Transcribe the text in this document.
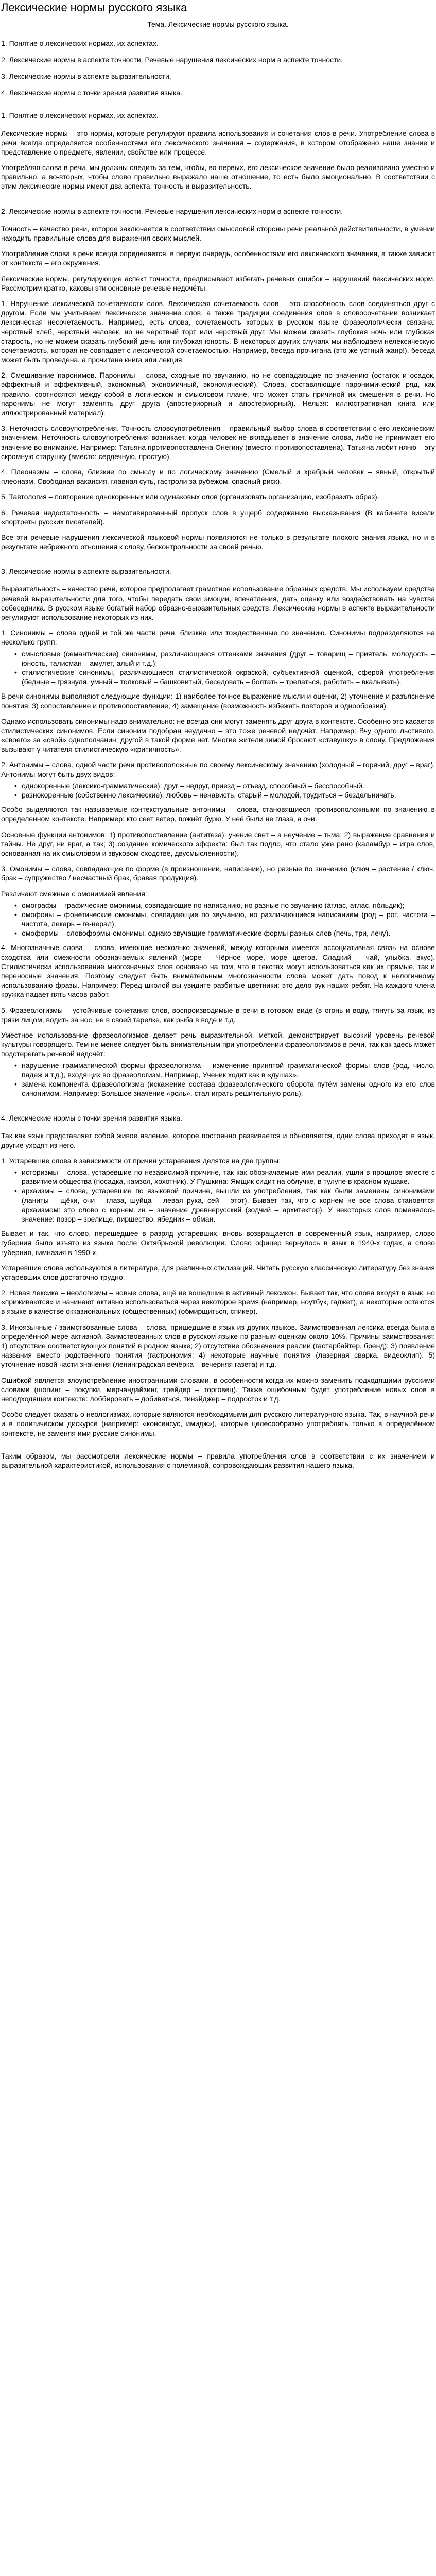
Лексические нормы русского языка
Тема. Лексические нормы русского языка.

1. Понятие о лексических нормах, их аспектах.

2. Лексические нормы в аспекте точности. Речевые нарушения лексических норм в аспекте точности.

3. Лексические нормы в аспекте выразительности.

4. Лексические нормы с точки зрения развития языка.

1. Понятие о лексических нормах, их аспектах.

Лексические нормы – это нормы, которые регулируют правила использования и сочетания слов в речи. Употребление слова в речи всегда определяется особенностями его лексического значения – содержания, в котором отображено наше знание и представление о предмете, явлении, свойстве или процессе.

Употребляя слова в речи, мы должны следить за тем, чтобы, во-первых, его лексическое значение было реализовано уместно и правильно, а во-вторых, чтобы слово правильно выражало наше отношение, то есть было эмоционально. В соответствии с этим лексические нормы имеют два аспекта: точность и выразительность.

2. Лексические нормы в аспекте точности. Речевые нарушения лексических норм в аспекте точности.

Точность – качество речи, которое заключается в соответствии смысловой стороны речи реальной действительности, в умении находить правильные слова для выражения своих мыслей.

Употребление слова в речи всегда определяется, в первую очередь, особенностями его лексического значения, а также зависит от контекста – его окружения.

Лексические нормы, регулирующие аспект точности, предписывают избегать речевых ошибок – нарушений лексических норм. Рассмотрим кратко, каковы эти основные речевые недочёты.

1. Нарушение лексической сочетаемости слов. Лексическая сочетаемость слов – это способность слов соединяться друг с другом. Если мы учитываем лексическое значение слов, а также традиции соединения слов в словосочетании возникает лексическая несочетаемость. Например, есть слова, сочетаемость которых в русском языке фразеологически связана: черствый хлеб, черствый человек, но не черствый торт или черствый друг. Мы можем сказать глубокая ночь или глубокая старость, но не можем сказать глубокий день или глубокая юность. В некоторых других случаях мы наблюдаем нелексическую сочетаемость, которая не совпадает с лексической сочетаемостью. Например, беседа прочитана (это же устный жанр!), беседа может быть проведена, а прочитана книга или лекция.

2. Смешивание паронимов. Паронимы – слова, сходные по звучанию, но не совпадающие по значению (остаток и осадок, эффектный и эффективный, экономный, экономичный, экономический). Слова, составляющие паронимический ряд, как правило, соотносятся между собой в логическом и смысловом плане, что может стать причиной их смешения в речи. Но паронимы не могут заменять друг друга (апостериорный и апостериорный). Нельзя: иллюстративная книга или иллюстрированный материал).

3. Неточность словоупотребления. Точность словоупотребления – правильный выбор слова в соответствии с его лексическим значением. Неточность словоупотребления возникает, когда человек не вкладывает в значение слова, либо не принимает его значение во внимание. Например: Татьяна противопоставлена Онегину (вместо: противопоставлена). Татьяна любит няню – эту скромную старушку (вместо: сердечную, простую).

4. Плеоназмы – слова, близкие по смыслу и по логическому значению (Смелый и храбрый человек – явный, открытый плеоназм. Свободная вакансия, главная суть, гастроли за рубежом, опасный риск).

5. Тавтология – повторение однокоренных или одинаковых слов (организовать организацию, изобразить образ).

6. Речевая недостаточность – немотивированный пропуск слов в ущерб содержанию высказывания (В кабинете висели «портреты русских писателей).

Все эти речевые нарушения лексической языковой нормы появляются не только в результате плохого знания языка, но и в результате небрежного отношения к слову, бесконтрольности за своей речью.

3. Лексические нормы в аспекте выразительности.

Выразительность – качество речи, которое предполагает грамотное использование образных средств. Мы используем средства речевой выразительности для того, чтобы передать свои эмоции, впечатления, дать оценку или воздействовать на чувства собеседника. В русском языке богатый набор образно-выразительных средств. Лексические нормы в аспекте выразительности регулируют использование некоторых из них.

1. Синонимы – слова одной и той же части речи, близкие или тождественные по значению. Синонимы подразделяются на несколько групп:

• смысловые (семантические) синонимы, различающиеся оттенками значения (друг – товарищ – приятель, молодость – юность, талисман – амулет, алый и т.д.);
• стилистические синонимы, различающиеся стилистической окраской, субъективной оценкой, сферой употребления (бедные – грязнуля, умный – толковый – башковитый, беседовать – болтать – трепаться, работать – вкалывать).

В речи синонимы выполняют следующие функции: 1) наиболее точное выражение мысли и оценки, 2) уточнение и разъяснение понятия, 3) сопоставление и противопоставление, 4) замещение (возможность избежать повторов и однообразия).

Однако использовать синонимы надо внимательно: не всегда они могут заменять друг друга в контексте. Особенно это касается стилистических синонимов. Если синоним подобран неудачно – это тоже речевой недочёт. Например: Вчу одного льстивого, «своего» за «свой» однополчанин, другой в такой форме нет. Многие жители зимой бросают «ставушку» в слону. Предложения вызывают у читателя стилистическую «критичность».

2. Антонимы – слова, одной части речи противоположные по своему лексическому значению (холодный – горячий, друг – враг). Антонимы могут быть двух видов:

• однокоренные (лексико-грамматические): друг – недруг, приезд – отъезд, способный – бесспособный.
• разнокоренные (собственно лексические): любовь – ненависть, старый – молодой, трудиться – бездельничать.

Особо выделяются так называемые контекстуальные антонимы – слова, становящиеся противоположными по значению в определенном контексте. Например: кто сеет ветер, пожнёт бурю. У неё были не глаза, а очи.

Основные функции антонимов: 1) противопоставление (антитеза): учение свет – а неучение – тьма; 2) выражение сравнения и тайны. Не друг, ни враг, а так; 3) создание комического эффекта: был так подло, что стало уже рано (каламбур – игра слов, основанная на их смысловом и звуковом сходстве, двусмысленности).

3. Омонимы – слова, совпадающие по форме (в произношении, написании), но разные по значению (ключ – растение / ключ, брак – супружество / несчастный брак, бравая продукция).

Различают смежные с омонимией явления:

• омографы – графические омонимы, совпадающие по написанию, но разные по звучанию (а́тлас, атла́с, по́льдик);
• омофоны – фонетические омонимы, совпадающие по звучанию, но различающиеся написанием (род – рот, частота – чистота, лекарь – ге-нерал);
• омоформы – словоформы-омонимы, однако звучащие грамматические формы разных слов (печь, три, лечу).

4. Многозначные слова – слова, имеющие несколько значений, между которыми имеется ассоциативная связь на основе сходства или смежности обозначаемых явлений (море – Чёрное море, море цветов. Сладкий – чай, улыбка, вкус). Стилистически использование многозначных слов основано на том, что в текстах могут использоваться как их прямые, так и переносные значения. Поэтому следует быть внимательным многозначности слова может дать повод к нелогичному использованию фразы. Например: Перед школой вы увидите разбитые цветники: это дело рук наших ребят. На каждого члена кружка падает пять часов работ.

5. Фразеологизмы – устойчивые сочетания слов, воспроизводимые в речи в готовом виде (в огонь и воду, тянуть за язык, из грязи лицом, водить за нос, не в своей тарелке, как рыба в воде и т.д.

Уместное использование фразеологизмов делает речь выразительной, меткой, демонстрирует высокий уровень речевой культуры говорящего. Тем не менее следует быть внимательным при употреблении фразеологизмов в речи, так как здесь может подстерегать речевой недочёт:

• нарушение грамматической формы фразеологизма – изменение принятой грамматической формы слов (род, число, падеж и т.д.), входящих во фразеологизм. Например, Ученик ходит как в «душах».
• замена компонента фразеологизма (искажение состава фразеологического оборота путём замены одного из его слов синонимом. Например: Большое значение «роль». стал играть решительную роль).
4. Лексические нормы с точки зрения развития языка.

Так как язык представляет собой живое явление, которое постоянно развивается и обновляется, одни слова приходят в язык, другие уходят из него.

1. Устаревшие слова в зависимости от причин устаревания делятся на две группы:

• историзмы – слова, устаревшие по независимой причине, так как обозначаемые ими реалии, ушли в прошлое вместе с развитием общества (посадка, камзол, хохотник). У Пушкина: Ямщик сидит на облучке, в тулупе в красном кушаке.
• архаизмы – слова, устаревшие по языковой причине, вышли из употребления, так как были заменены синонимами (ланиты – щёки, очи – глаза, шуйца – левая рука, сей – этот). Бывает так, что с корнем не все слова становятся архаизмом: это слово с корнем ин – значение древнерусский (зодчий – архитектор). У некоторых слов поменялось значение: позор – зрелище, пиршество, ябедник – обман.

Бывает и так, что слово, перешедшее в разряд устаревших, вновь возвращается в современный язык, например, слово губерния было изъято из языка после Октябрьской революции. Слово офицер вернулось в язык в 1940-х годах, а слово губерния, гимназия в 1990-х.

Устаревшие слова используются в литературе, для различных стилизаций. Читать русскую классическую литературу без знания устаревших слов достаточно трудно.

2. Новая лексика – неологизмы – новые слова, ещё не вошедшие в активный лексикон. Бывает так, что слова входят в язык, но «приживаются» и начинают активно использоваться через некоторое время (например, ноутбук, гаджет), а некоторые остаются в языке в качестве окказиональных (общественных) (обмирщиться, спикер).

3. Иноязычные / заимствованные слова – слова, пришедшие в язык из других языков. Заимствованная лексика всегда была в определённой мере активной. Заимствованных слов в русском языке по разным оценкам около 10%. Причины заимствования: 1) отсутствие соответствующих понятий в родном языке; 2) отсутствие обозначения реалии (гастарбайтер, бренд); 3) появление названия вместо родственного понятия (гастрономия; 4) некоторые научные понятия (лазерная сварка, видеоклип). 5) уточнение новой части значения (ленинградская вечёрка – вечерняя газета) и т.д.

Ошибкой является злоупотребление иностранными словами, в особенности когда их можно заменить подходящими русскими словами (шопинг – покупки, мерчандайзинг, трейдер – торговец). Также ошибочным будет употребление новых слов в неподходящем контексте: лоббировать – добиваться, тинэйджер – подросток и т.д.

Особо следует сказать о неологизмах, которые являются необходимыми для русского литературного языка. Так, в научной речи и в политическом дискурсе (например: «консенсус, имидж»), которые целесообразно употреблять только в определённом контексте, не заменяя ими русские синонимы.

Таким образом, мы рассмотрели лексические нормы – правила употребления слов в соответствии с их значением и выразительной характеристикой, использования с полемикой, сопровождающих развития нашего языка.
